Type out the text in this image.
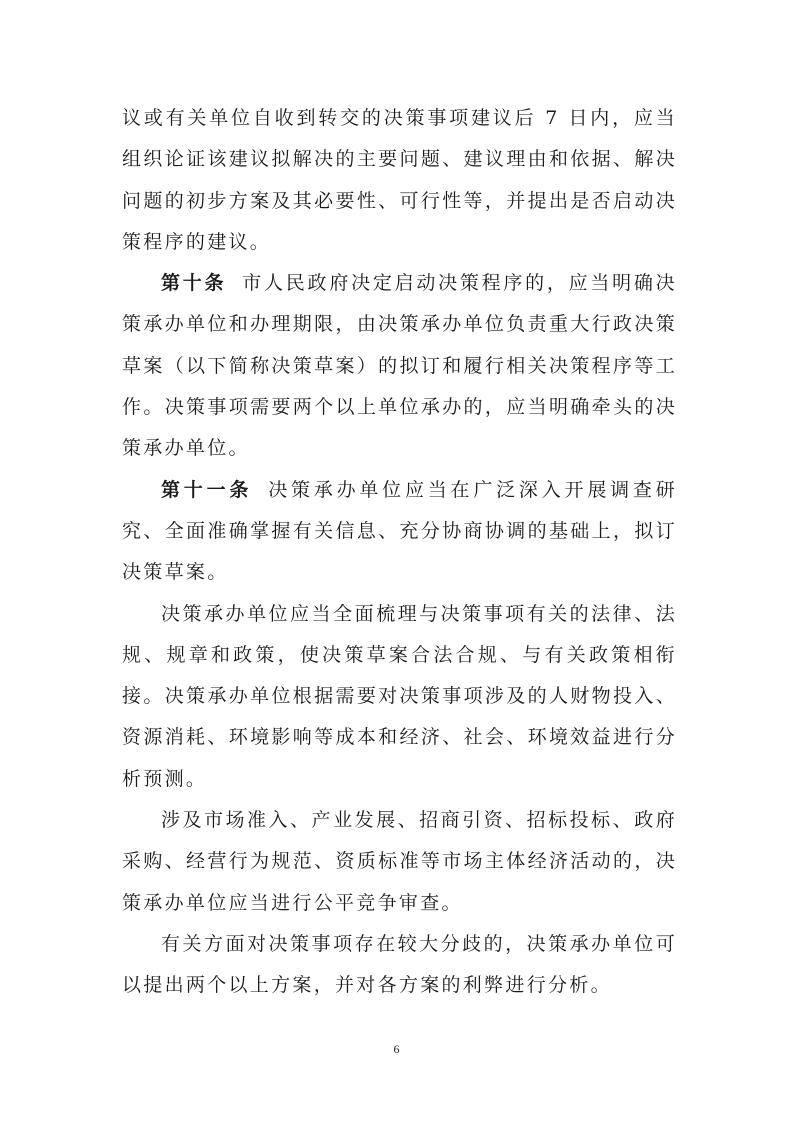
议或有关单位自收到转交的决策事项建议后 7 日内，应当组织论证该建议拟解决的主要问题、建议理由和依据、解决问题的初步方案及其必要性、可行性等，并提出是否启动决策程序的建议。

第十条 市人民政府决定启动决策程序的，应当明确决策承办单位和办理期限，由决策承办单位负责重大行政决策草案（以下简称决策草案）的拟订和履行相关决策程序等工作。决策事项需要两个以上单位承办的，应当明确牵头的决策承办单位。

第十一条 决策承办单位应当在广泛深入开展调查研究、全面准确掌握有关信息、充分协商协调的基础上，拟订决策草案。

决策承办单位应当全面梳理与决策事项有关的法律、法规、规章和政策，使决策草案合法合规、与有关政策相衔接。决策承办单位根据需要对决策事项涉及的人财物投入、资源消耗、环境影响等成本和经济、社会、环境效益进行分析预测。

涉及市场准入、产业发展、招商引资、招标投标、政府采购、经营行为规范、资质标准等市场主体经济活动的，决策承办单位应当进行公平竞争审查。

有关方面对决策事项存在较大分歧的，决策承办单位可以提出两个以上方案，并对各方案的利弊进行分析。

6
